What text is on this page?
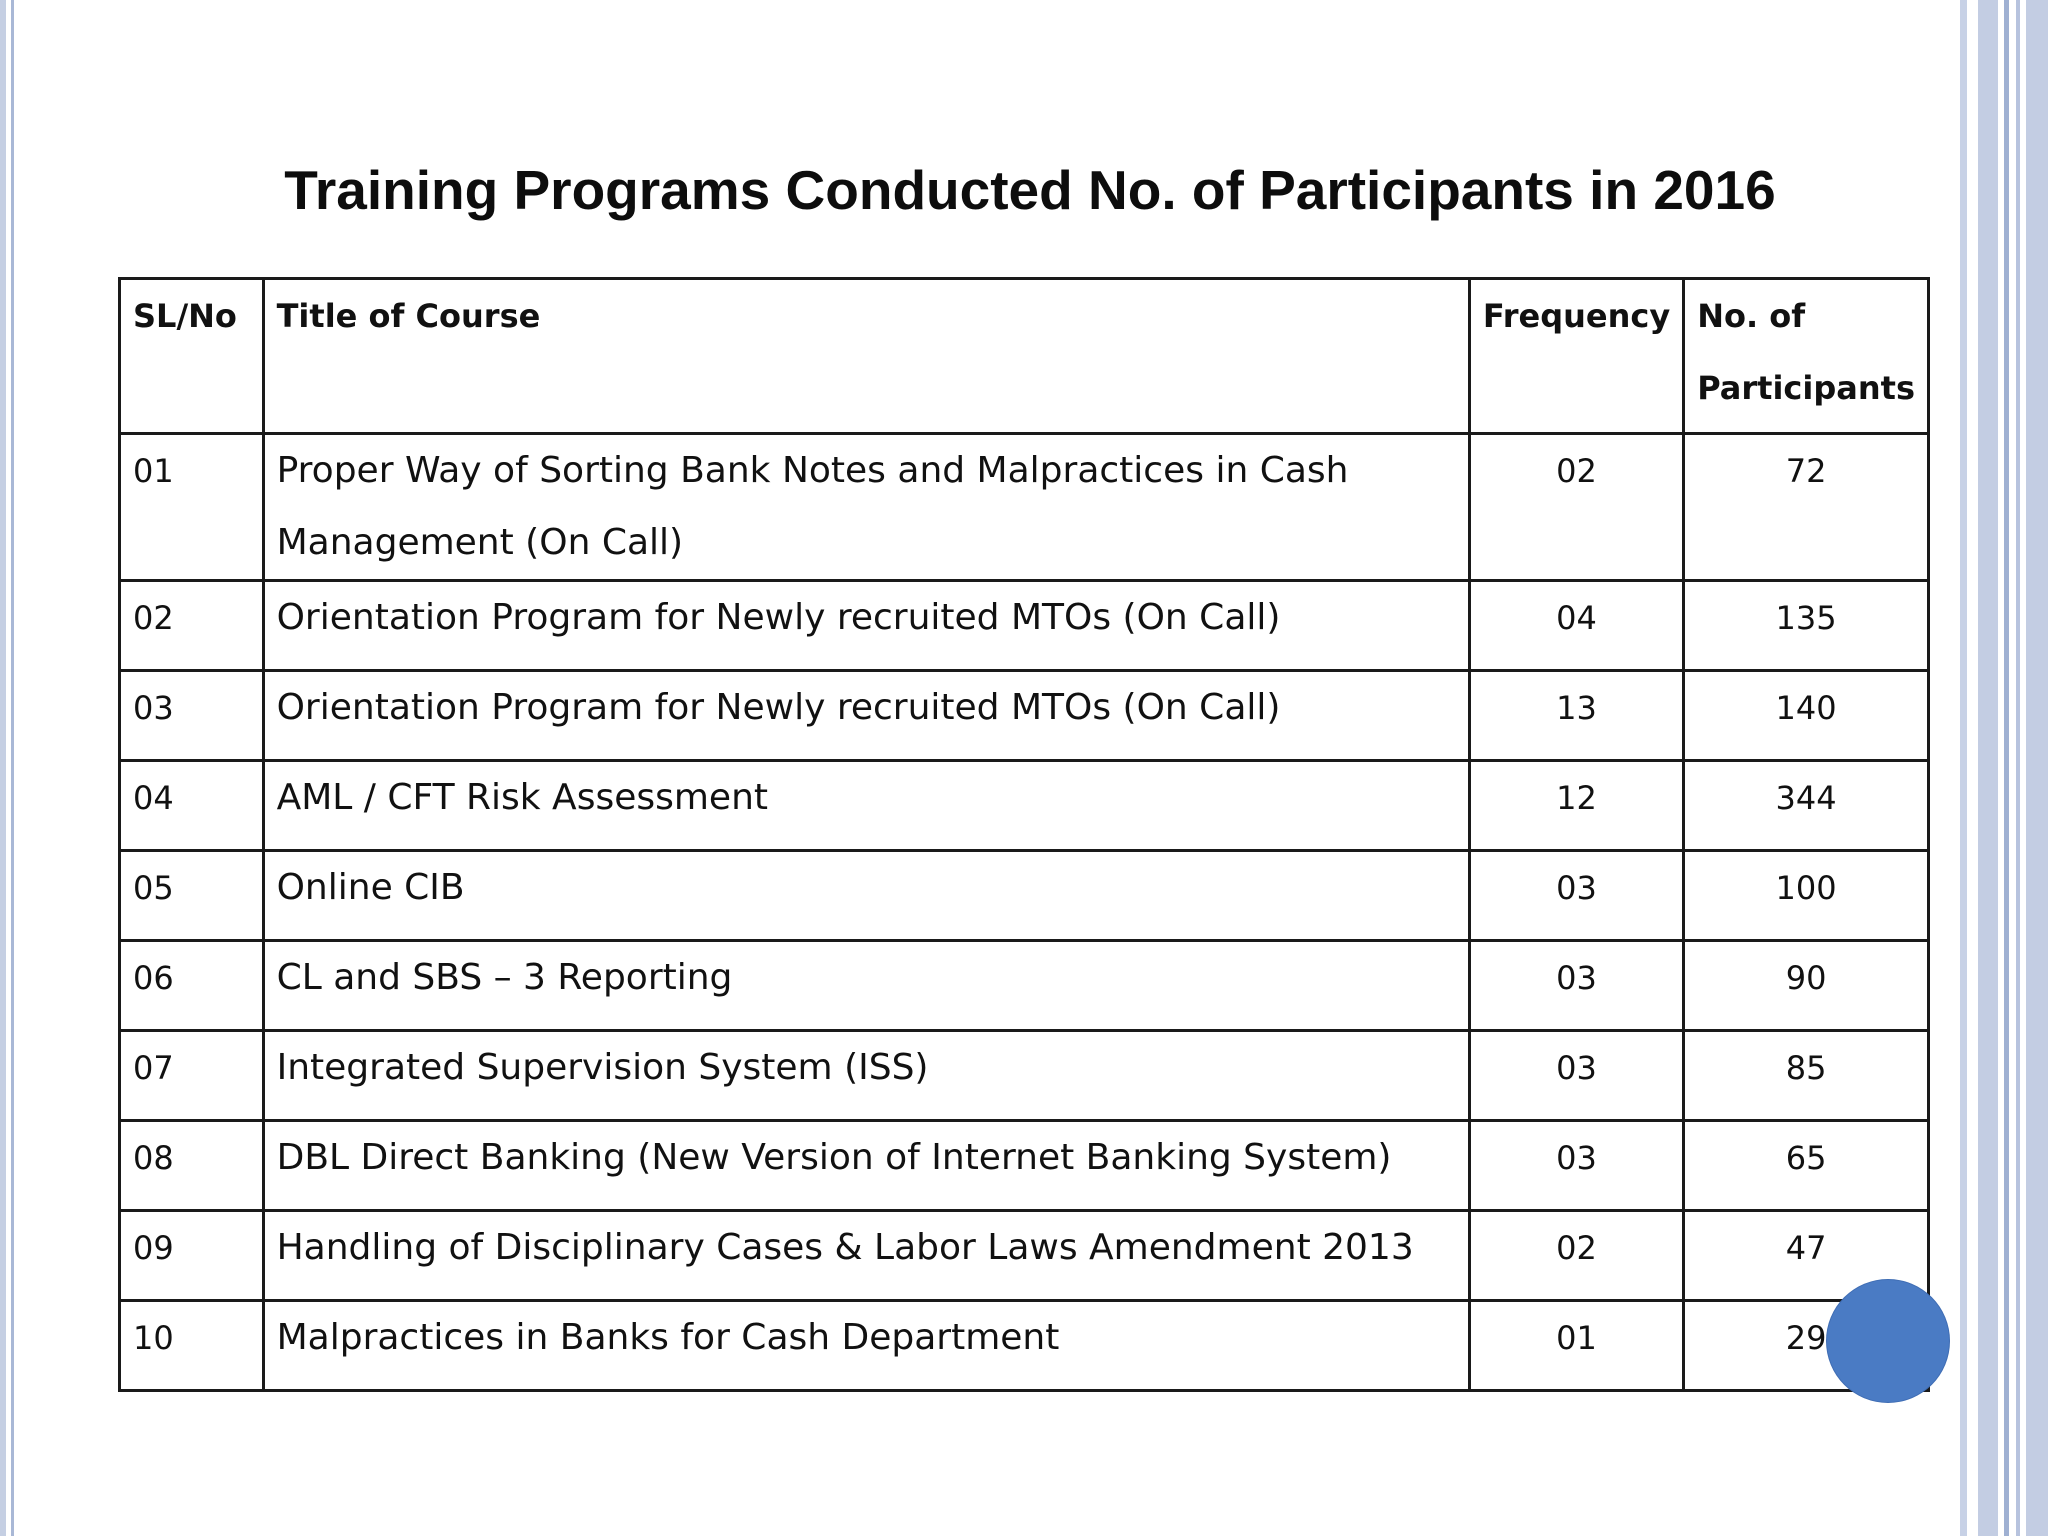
Training Programs Conducted No. of Participants in 2016
SL/No	Title of Course	Frequency	No. of
Participants
01	Proper Way of Sorting Bank Notes and Malpractices in Cash Management (On Call)	02	72
02	Orientation Program for Newly recruited MTOs (On Call)	04	135
03	Orientation Program for Newly recruited MTOs (On Call)	13	140
04	AML / CFT Risk Assessment	12	344
05	Online CIB	03	100
06	CL and SBS – 3 Reporting	03	90
07	Integrated Supervision System (ISS)	03	85
08	DBL Direct Banking (New Version of Internet Banking System)	03	65
09	Handling of Disciplinary Cases & Labor Laws Amendment 2013	02	47
10	Malpractices in Banks for Cash Department	01	29
